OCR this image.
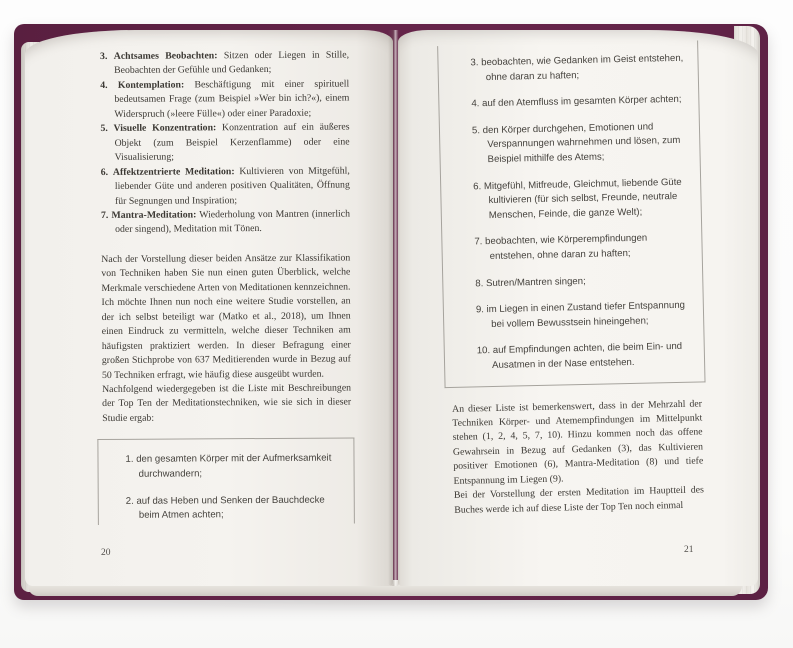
3. Achtsames Beobachten: Sitzen oder Liegen in Stille, Beobachten der Gefühle und Gedanken;

4. Kontemplation: Beschäftigung mit einer spirituell bedeutsamen Frage (zum Beispiel »Wer bin ich?«), einem Widerspruch (»leere Fülle«) oder einer Paradoxie;

5. Visuelle Konzentration: Konzentration auf ein äußeres Objekt (zum Beispiel Kerzenflamme) oder eine Visualisierung;

6. Affektzentrierte Meditation: Kultivieren von Mitgefühl, liebender Güte und anderen positiven Qualitäten, Öffnung für Segnungen und Inspiration;

7. Mantra-Meditation: Wiederholung von Mantren (innerlich oder singend), Meditation mit Tönen.

Nach der Vorstellung dieser beiden Ansätze zur Klassifikation von Techniken haben Sie nun einen guten Überblick, welche Merkmale verschiedene Arten von Meditationen kennzeichnen. Ich möchte Ihnen nun noch eine weitere Studie vorstellen, an der ich selbst beteiligt war (Matko et al., 2018), um Ihnen einen Eindruck zu vermitteln, welche dieser Techniken am häufigsten praktiziert werden. In dieser Befragung einer großen Stichprobe von 637 Meditierenden wurde in Bezug auf 50 Techniken erfragt, wie häufig diese ausgeübt wurden.

Nachfolgend wiedergegeben ist die Liste mit Beschreibungen der Top Ten der Meditationstechniken, wie sie sich in dieser Studie ergab:

1. den gesamten Körper mit der Aufmerksamkeit durchwandern;

2. auf das Heben und Senken der Bauchdecke beim Atmen achten;

20

3. beobachten, wie Gedanken im Geist entstehen, ohne daran zu haften;

4. auf den Atemfluss im gesamten Körper achten;

5. den Körper durchgehen, Emotionen und Verspannungen wahrnehmen und lösen, zum Beispiel mithilfe des Atems;

6. Mitgefühl, Mitfreude, Gleichmut, liebende Güte kultivieren (für sich selbst, Freunde, neutrale Menschen, Feinde, die ganze Welt);

7. beobachten, wie Körperempfindungen entstehen, ohne daran zu haften;

8. Sutren/Mantren singen;

9. im Liegen in einen Zustand tiefer Entspannung bei vollem Bewusstsein hineingehen;

10. auf Empfindungen achten, die beim Ein- und Ausatmen in der Nase entstehen.

An dieser Liste ist bemerkenswert, dass in der Mehrzahl der Techniken Körper- und Atemempfindungen im Mittelpunkt stehen (1, 2, 4, 5, 7, 10). Hinzu kommen noch das offene Gewahrsein in Bezug auf Gedanken (3), das Kultivieren positiver Emotionen (6), Mantra-Meditation (8) und tiefe Entspannung im Liegen (9).

Bei der Vorstellung der ersten Meditation im Hauptteil des Buches werde ich auf diese Liste der Top Ten noch einmal

21
